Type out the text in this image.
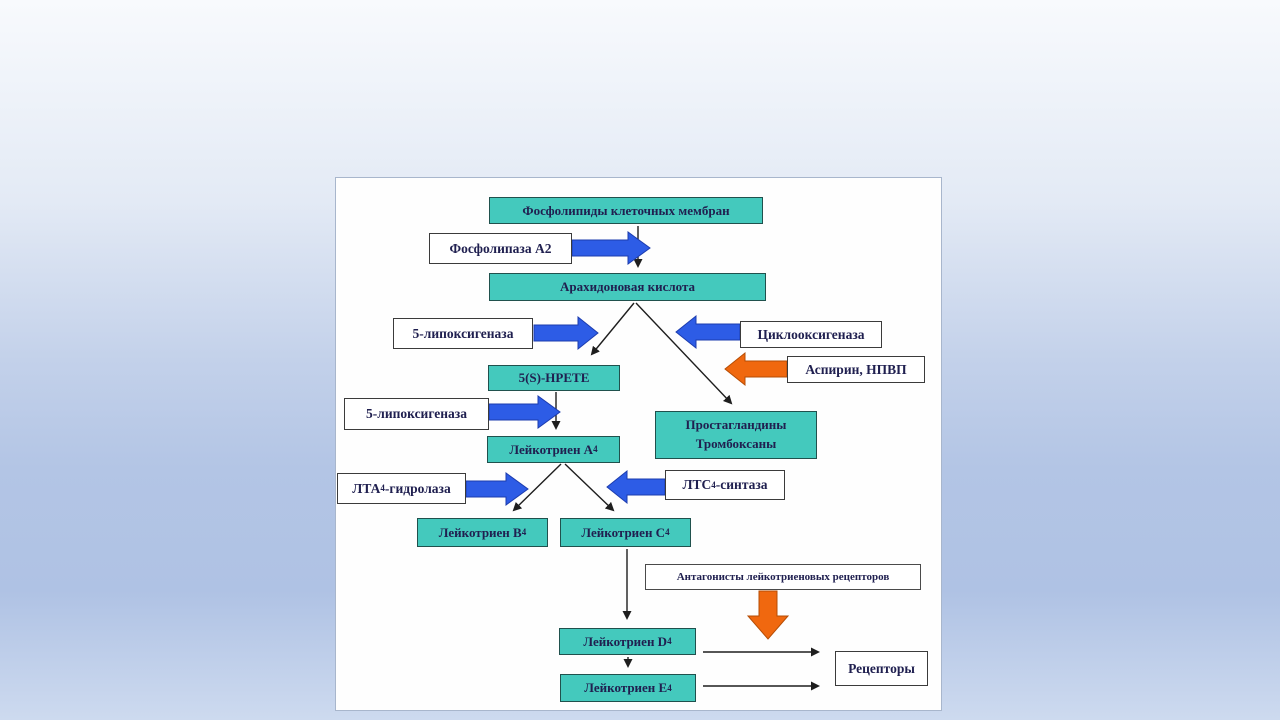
Фосфолипиды клеточных мембран
Арахидоновая кислота
5(S)-HPETE
Простагландины
Тромбоксаны
Лейкотриен А 4
Лейкотриен В 4	Лейкотриен С 4
Лейкотриен D 4
Лейкотриен Е 4
Фосфолипаза А2
5-липоксигеназа	Циклооксигеназа
Аспирин, НПВП
5-липоксигеназа
ЛТА 4 -гидролаза	ЛТС 4 -синтаза
Антагонисты лейкотриеновых рецепторов
Рецепторы
